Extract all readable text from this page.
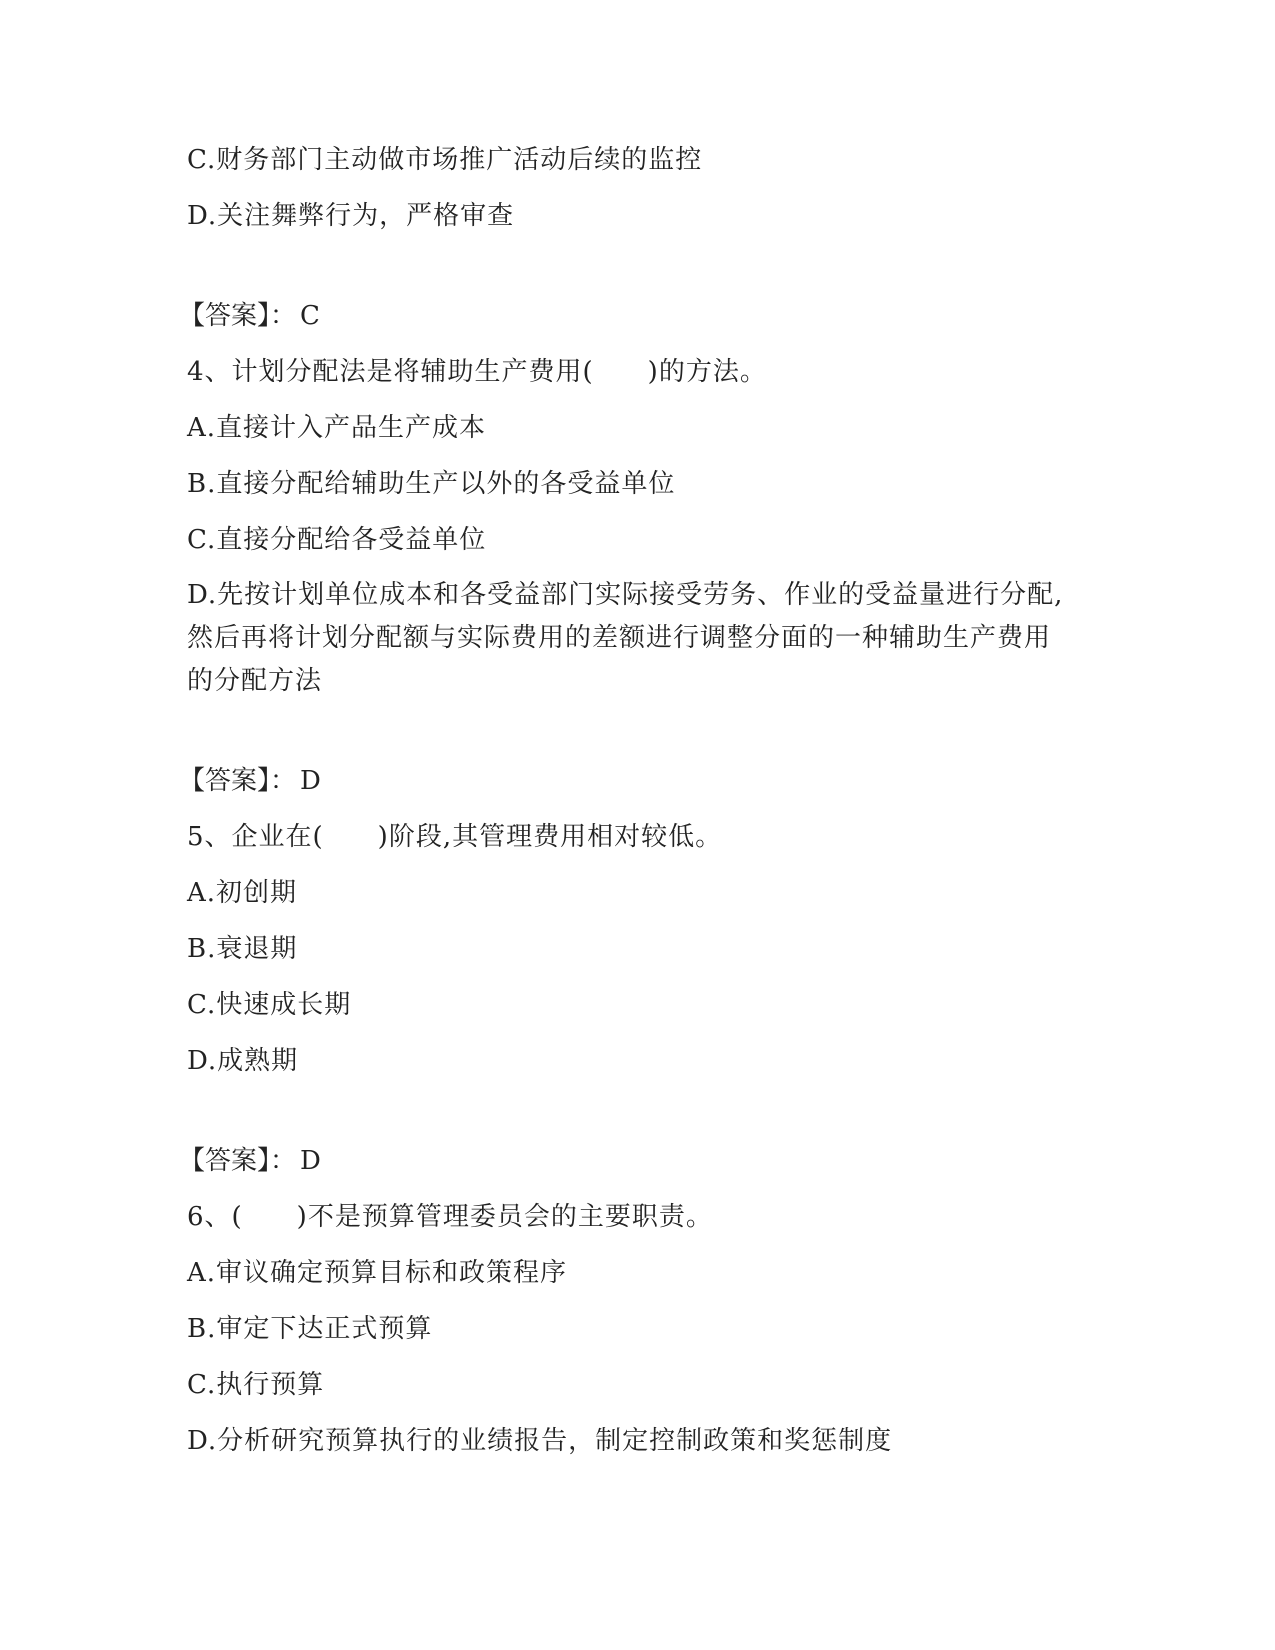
C.财务部门主动做市场推广活动后续的监控
D.关注舞弊行为，严格审查
【答案】： C
4、计划分配法是将辅助生产费用(　　)的方法。
A.直接计入产品生产成本
B.直接分配给辅助生产以外的各受益单位
C.直接分配给各受益单位
D.先按计划单位成本和各受益部门实际接受劳务、作业的受益量进行分配,然后再将计划分配额与实际费用的差额进行调整分面的一种辅助生产费用的分配方法
【答案】： D
5、企业在(　　)阶段,其管理费用相对较低。
A.初创期
B.衰退期
C.快速成长期
D.成熟期
【答案】： D
6、(　　)不是预算管理委员会的主要职责。
A.审议确定预算目标和政策程序
B.审定下达正式预算
C.执行预算
D.分析研究预算执行的业绩报告，制定控制政策和奖惩制度
